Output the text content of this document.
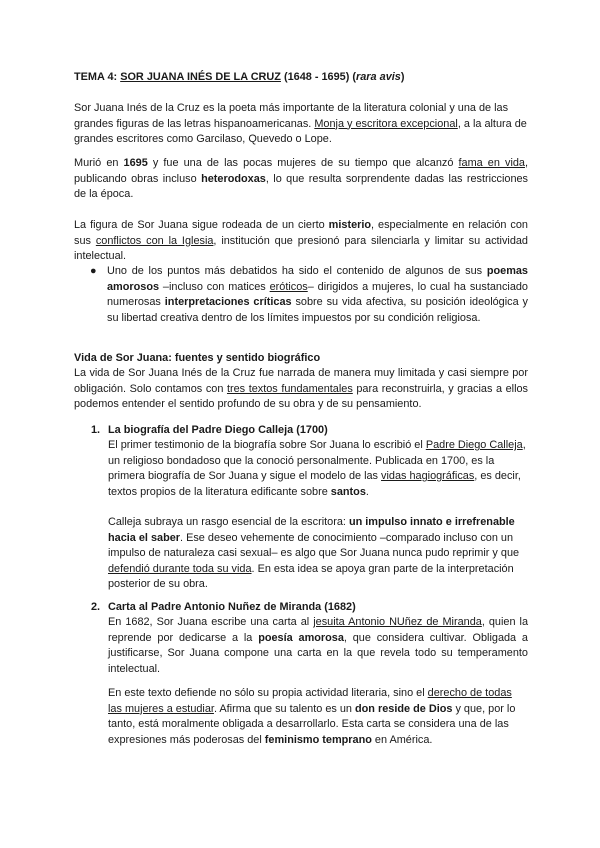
TEMA 4: SOR JUANA INÉS DE LA CRUZ (1648 - 1695) (rara avis)

Sor Juana Inés de la Cruz es la poeta más importante de la literatura colonial y una de las grandes figuras de las letras hispanoamericanas. Monja y escritora excepcional, a la altura de grandes escritores como Garcilaso, Quevedo o Lope.

Murió en 1695 y fue una de las pocas mujeres de su tiempo que alcanzó fama en vida, publicando obras incluso heterodoxas, lo que resulta sorprendente dadas las restricciones de la época.

La figura de Sor Juana sigue rodeada de un cierto misterio, especialmente en relación con sus conflictos con la Iglesia, institución que presionó para silenciarla y limitar su actividad intelectual.

● Uno de los puntos más debatidos ha sido el contenido de algunos de sus poemas amorosos –incluso con matices eróticos– dirigidos a mujeres, lo cual ha sustanciado numerosas interpretaciones críticas sobre su vida afectiva, su posición ideológica y su libertad creativa dentro de los límites impuestos por su condición religiosa.

Vida de Sor Juana: fuentes y sentido biográfico

La vida de Sor Juana Inés de la Cruz fue narrada de manera muy limitada y casi siempre por obligación. Solo contamos con tres textos fundamentales para reconstruirla, y gracias a ellos podemos entender el sentido profundo de su obra y de su pensamiento.

1. La biografía del Padre Diego Calleja (1700)

El primer testimonio de la biografía sobre Sor Juana lo escribió el Padre Diego Calleja, un religioso bondadoso que la conoció personalmente. Publicada en 1700, es la primera biografía de Sor Juana y sigue el modelo de las vidas hagiográficas, es decir, textos propios de la literatura edificante sobre santos.

Calleja subraya un rasgo esencial de la escritora: un impulso innato e irrefrenable hacia el saber. Ese deseo vehemente de conocimiento –comparado incluso con un impulso de naturaleza casi sexual– es algo que Sor Juana nunca pudo reprimir y que defendió durante toda su vida. En esta idea se apoya gran parte de la interpretación posterior de su obra.

2. Carta al Padre Antonio Nuñez de Miranda (1682)

En 1682, Sor Juana escribe una carta al jesuita Antonio NUñez de Miranda, quien la reprende por dedicarse a la poesía amorosa, que considera cultivar. Obligada a justificarse, Sor Juana compone una carta en la que revela todo su temperamento intelectual.

En este texto defiende no sólo su propia actividad literaria, sino el derecho de todas las mujeres a estudiar. Afirma que su talento es un don reside de Dios y que, por lo tanto, está moralmente obligada a desarrollarlo. Esta carta se considera una de las expresiones más poderosas del feminismo temprano en América.
